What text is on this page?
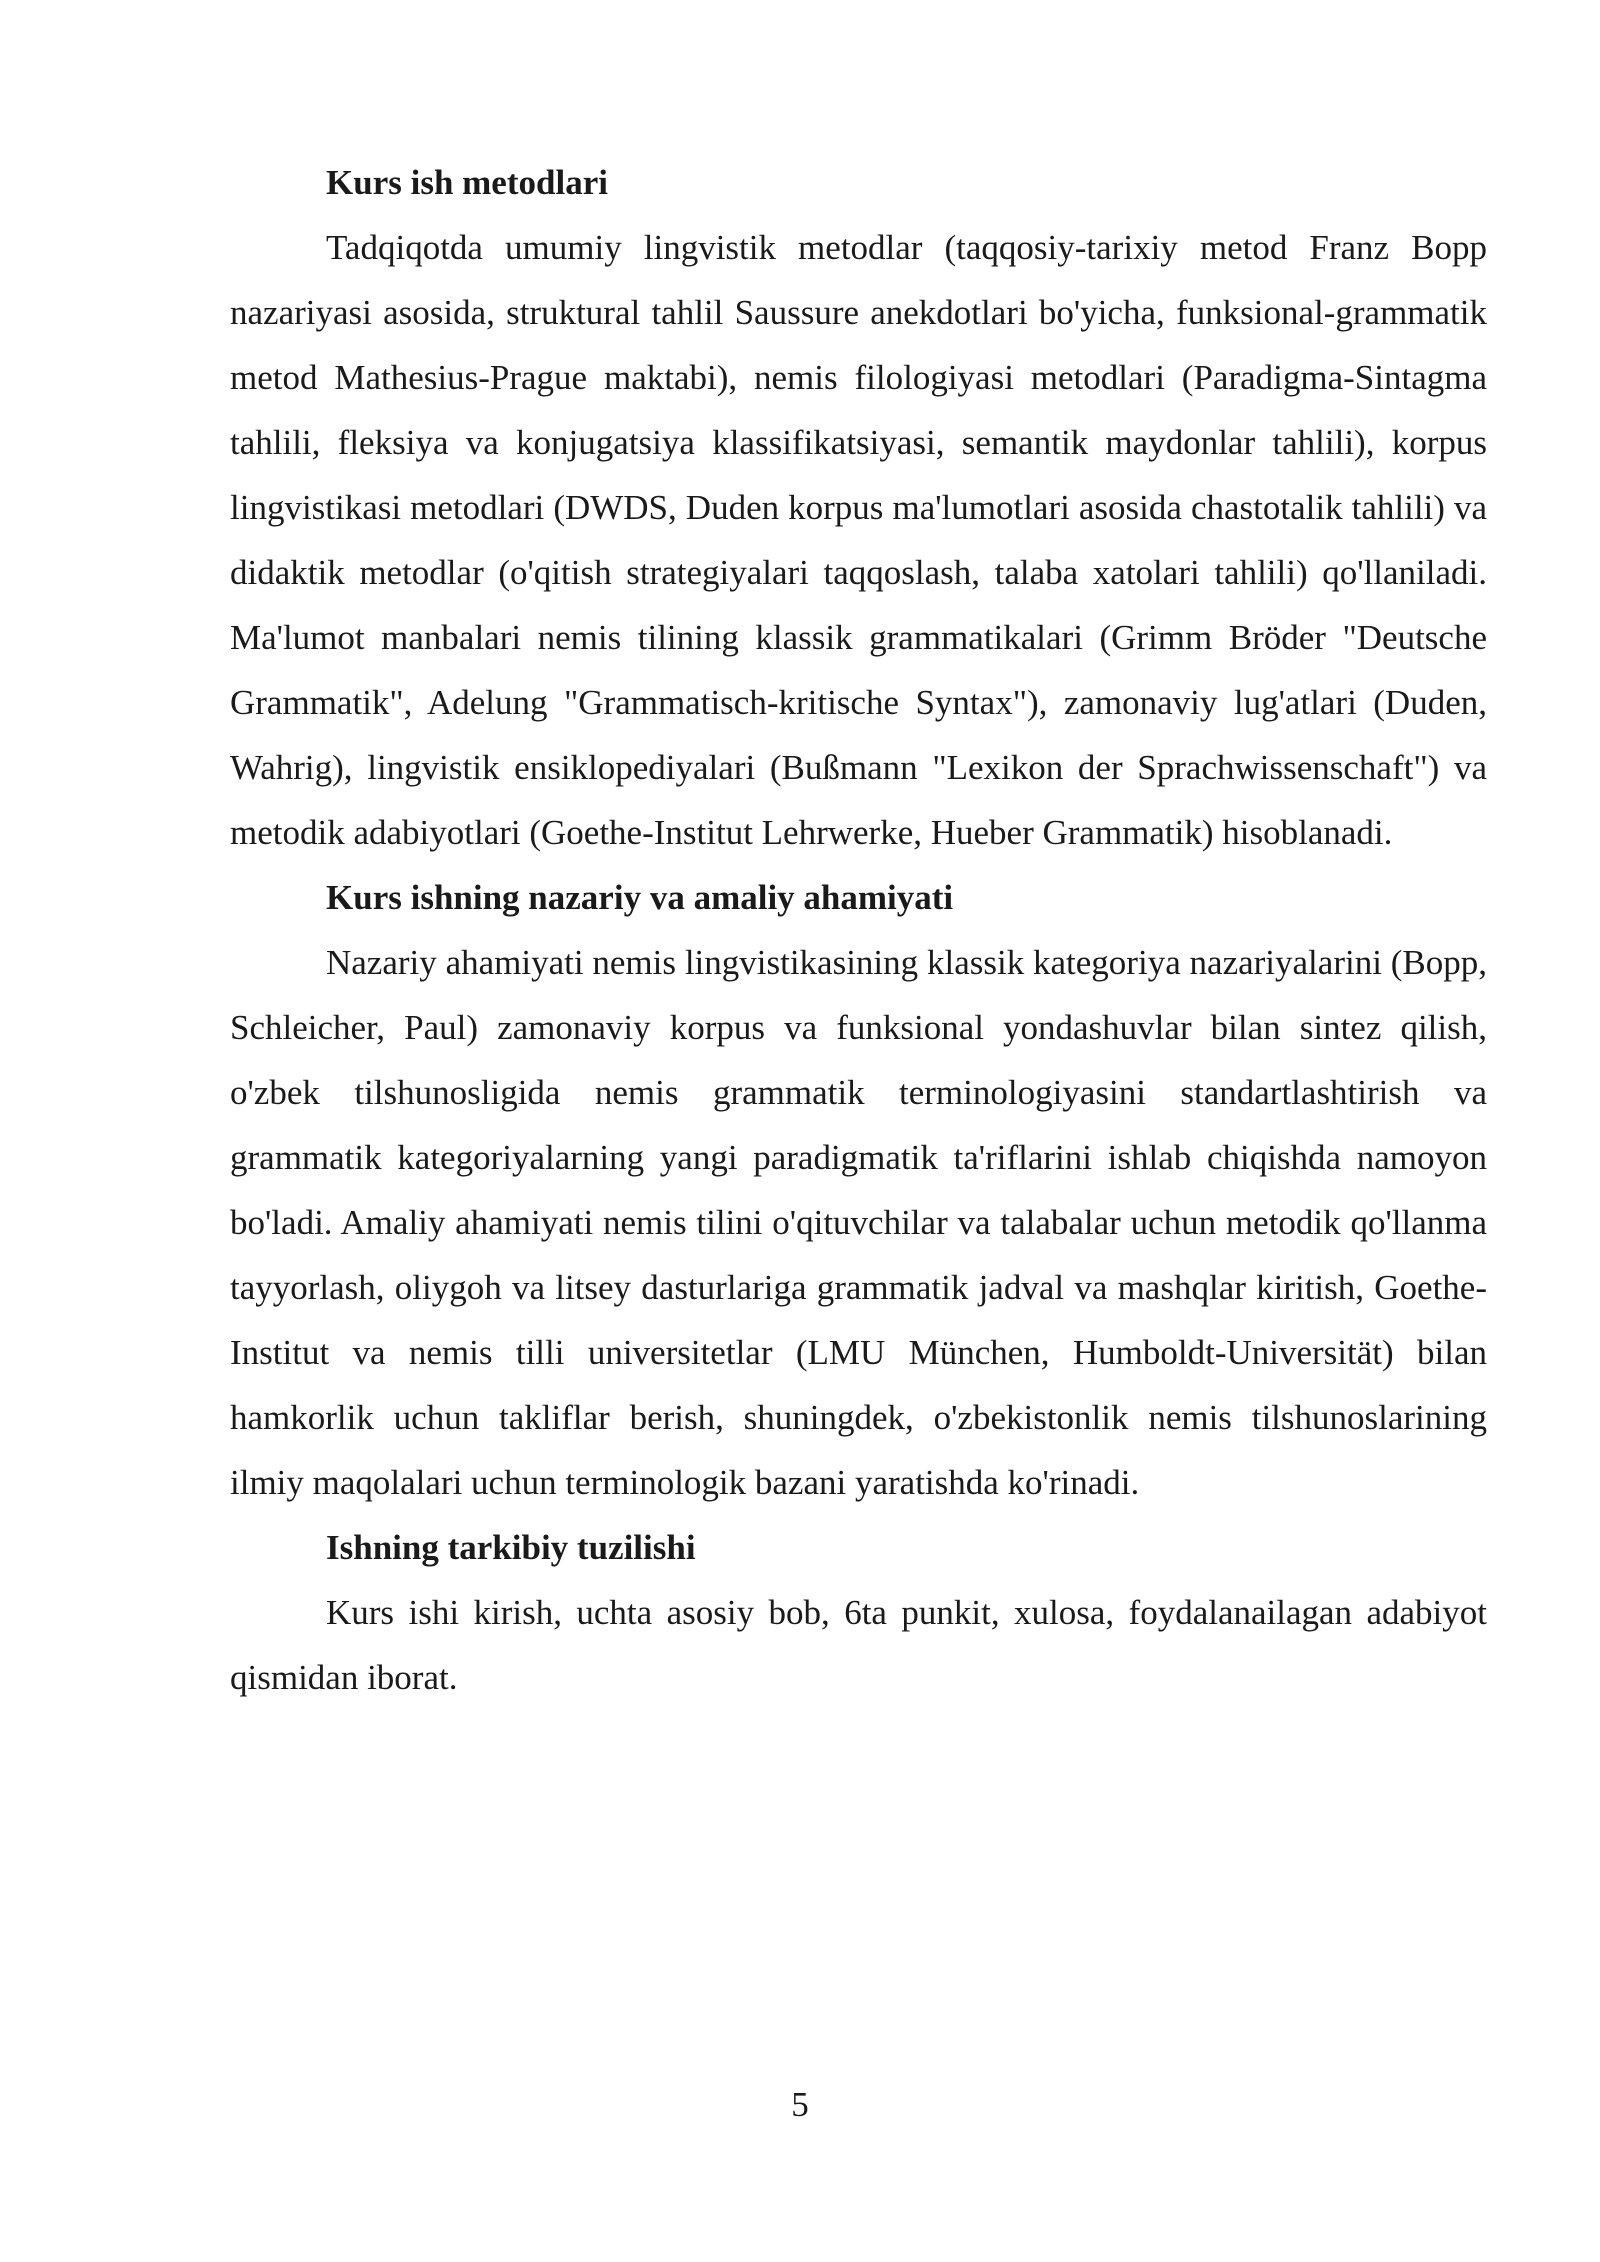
Kurs ish metodlari

Tadqiqotda umumiy lingvistik metodlar (taqqosiy-tarixiy metod Franz Bopp nazariyasi asosida, struktural tahlil Saussure anekdotlari bo'yicha, funksional-grammatik metod Mathesius-Prague maktabi), nemis filologiyasi metodlari (Paradigma-Sintagma tahlili, fleksiya va konjugatsiya klassifikatsiyasi, semantik maydonlar tahlili), korpus lingvistikasi metodlari (DWDS, Duden korpus ma'lumotlari asosida chastotalik tahlili) va didaktik metodlar (o'qitish strategiyalari taqqoslash, talaba xatolari tahlili) qo'llaniladi. Ma'lumot manbalari nemis tilining klassik grammatikalari (Grimm Bröder "Deutsche Grammatik", Adelung "Grammatisch-kritische Syntax"), zamonaviy lug'atlari (Duden, Wahrig), lingvistik ensiklopediyalari (Bußmann "Lexikon der Sprachwissenschaft") va metodik adabiyotlari (Goethe-Institut Lehrwerke, Hueber Grammatik) hisoblanadi.

Kurs ishning nazariy va amaliy ahamiyati

Nazariy ahamiyati nemis lingvistikasining klassik kategoriya nazariyalarini (Bopp, Schleicher, Paul) zamonaviy korpus va funksional yondashuvlar bilan sintez qilish, o'zbek tilshunosligida nemis grammatik terminologiyasini standartlashtirish va grammatik kategoriyalarning yangi paradigmatik ta'riflarini ishlab chiqishda namoyon bo'ladi. Amaliy ahamiyati nemis tilini o'qituvchilar va talabalar uchun metodik qo'llanma tayyorlash, oliygoh va litsey dasturlariga grammatik jadval va mashqlar kiritish, Goethe-Institut va nemis tilli universitetlar (LMU München, Humboldt-Universität) bilan hamkorlik uchun takliflar berish, shuningdek, o'zbekistonlik nemis tilshunoslarining ilmiy maqolalari uchun terminologik bazani yaratishda ko'rinadi.

Ishning tarkibiy tuzilishi

Kurs ishi kirish, uchta asosiy bob, 6ta punkit, xulosa, foydalanailagan adabiyot qismidan iborat.

5
